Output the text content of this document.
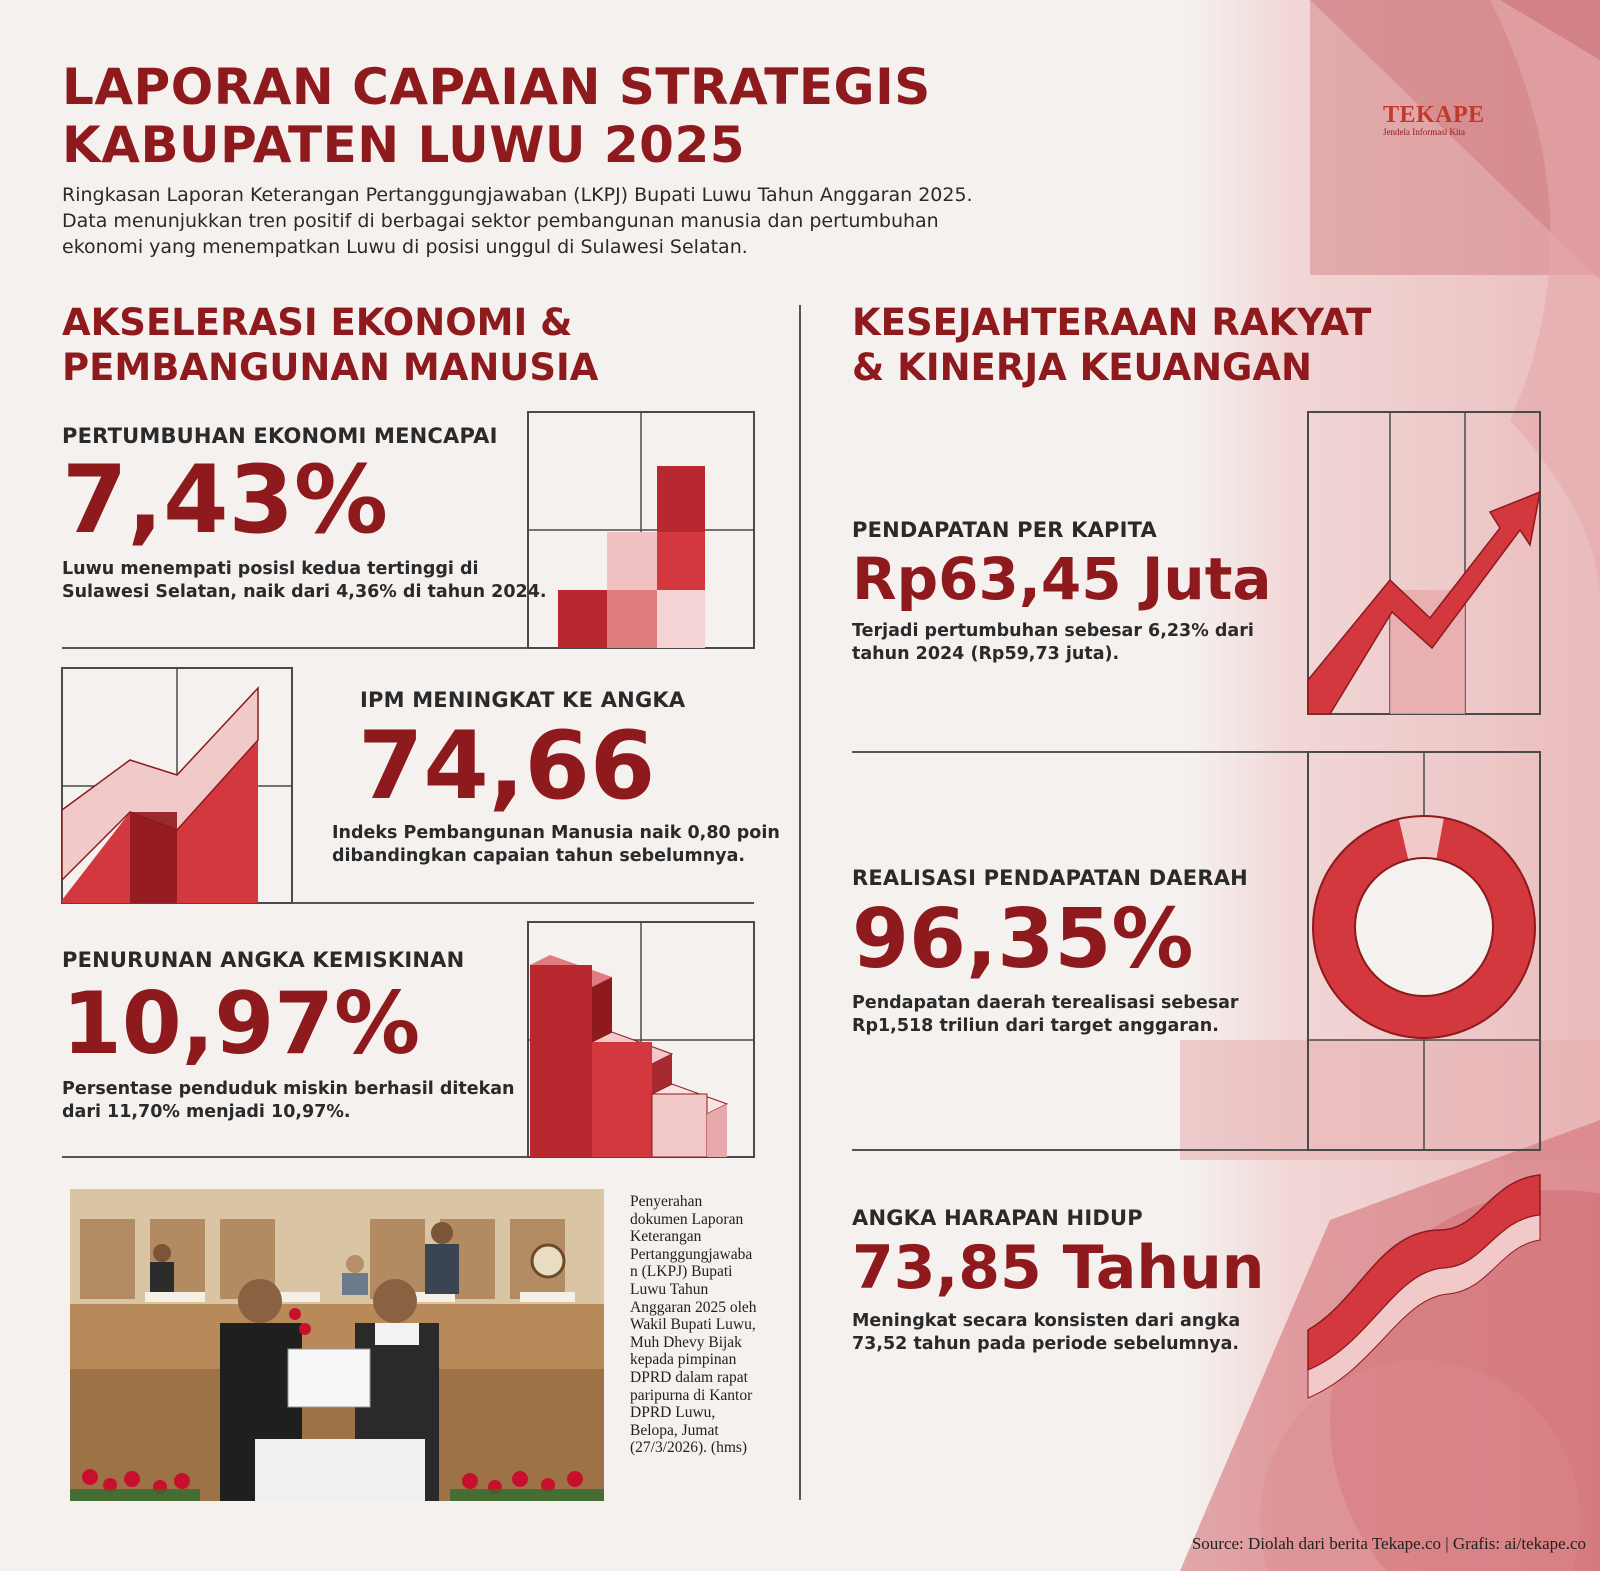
LAPORAN CAPAIAN STRATEGIS
KABUPATEN LUWU 2025
Ringkasan Laporan Keterangan Pertanggungjawaban (LKPJ) Bupati Luwu Tahun Anggaran 2025.
Data menunjukkan tren positif di berbagai sektor pembangunan manusia dan pertumbuhan
ekonomi yang menempatkan Luwu di posisi unggul di Sulawesi Selatan.
TEKAPE
Jendela Informasi Kita
AKSELERASI EKONOMI &
PEMBANGUNAN MANUSIA
KESEJAHTERAAN RAKYAT
& KINERJA KEUANGAN
PERTUMBUHAN EKONOMI MENCAPAI
7,43%
Luwu menempati posisl kedua tertinggi di
Sulawesi Selatan, naik dari 4,36% di tahun 2024.
IPM MENINGKAT KE ANGKA
74,66
Indeks Pembangunan Manusia naik 0,80 poin
dibandingkan capaian tahun sebelumnya.
PENURUNAN ANGKA KEMISKINAN
10,97%
Persentase penduduk miskin berhasil ditekan
dari 11,70% menjadi 10,97%.
PENDAPATAN PER KAPITA
Rp63,45 Juta
Terjadi pertumbuhan sebesar 6,23% dari
tahun 2024 (Rp59,73 juta).
REALISASI PENDAPATAN DAERAH
96,35%
Pendapatan daerah terealisasi sebesar
Rp1,518 triliun dari target anggaran.
ANGKA HARAPAN HIDUP
73,85 Tahun
Meningkat secara konsisten dari angka
73,52 tahun pada periode sebelumnya.
Penyerahan
dokumen Laporan
Keterangan
Pertanggungjawaba
n (LKPJ) Bupati
Luwu Tahun
Anggaran 2025 oleh
Wakil Bupati Luwu,
Muh Dhevy Bijak
kepada pimpinan
DPRD dalam rapat
paripurna di Kantor
DPRD Luwu,
Belopa, Jumat
(27/3/2026). (hms)
Source: Diolah dari berita Tekape.co | Grafis: ai/tekape.co
